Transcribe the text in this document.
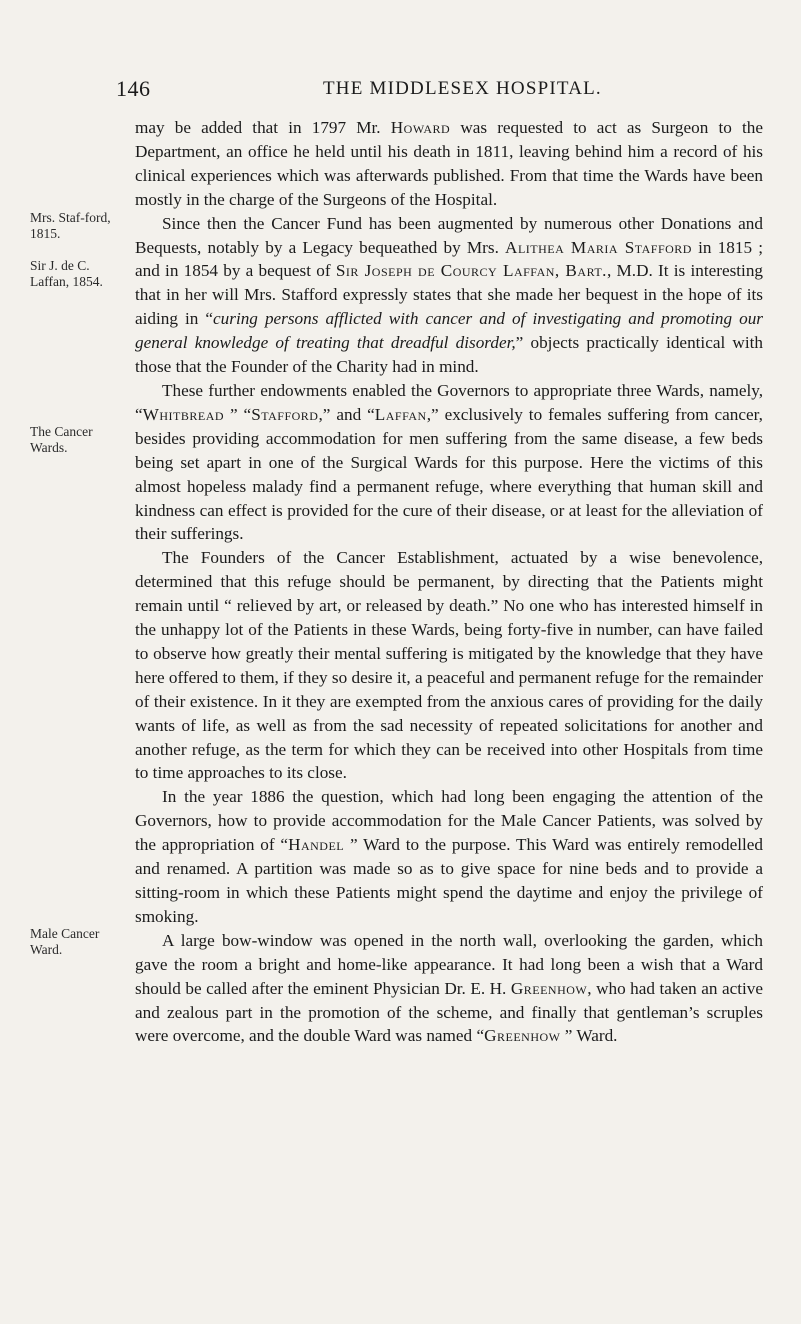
146	THE MIDDLESEX HOSPITAL.
Mrs. Staf-ford, 1815.
Sir J. de C. Laffan, 1854.
The Cancer Wards.
Male Cancer Ward.

may be added that in 1797 Mr. Howard was requested to act as Surgeon to the Department, an office he held until his death in 1811, leaving behind him a record of his clinical experiences which was afterwards published. From that time the Wards have been mostly in the charge of the Surgeons of the Hospital.

Since then the Cancer Fund has been augmented by numerous other Donations and Bequests, notably by a Legacy bequeathed by Mrs. Alithea Maria Stafford in 1815 ; and in 1854 by a bequest of Sir Joseph de Courcy Laffan, Bart., M.D. It is interesting that in her will Mrs. Stafford expressly states that she made her bequest in the hope of its aiding in “curing persons afflicted with cancer and of investigating and promoting our general knowledge of treating that dreadful disorder,” objects practically identical with those that the Founder of the Charity had in mind.

These further endowments enabled the Governors to appropriate three Wards, namely, “Whitbread ” “Stafford,” and “Laffan,” exclusively to females suffering from cancer, besides providing accommodation for men suffering from the same disease, a few beds being set apart in one of the Surgical Wards for this purpose. Here the victims of this almost hopeless malady find a permanent refuge, where everything that human skill and kindness can effect is provided for the cure of their disease, or at least for the alleviation of their sufferings.

The Founders of the Cancer Establishment, actuated by a wise benevolence, determined that this refuge should be permanent, by directing that the Patients might remain until “ relieved by art, or released by death.” No one who has interested himself in the unhappy lot of the Patients in these Wards, being forty-five in number, can have failed to observe how greatly their mental suffering is mitigated by the knowledge that they have here offered to them, if they so desire it, a peaceful and permanent refuge for the remainder of their existence. In it they are exempted from the anxious cares of providing for the daily wants of life, as well as from the sad necessity of repeated solicitations for another and another refuge, as the term for which they can be received into other Hospitals from time to time approaches to its close.

In the year 1886 the question, which had long been engaging the attention of the Governors, how to provide accommodation for the Male Cancer Patients, was solved by the appropriation of “Handel ” Ward to the purpose. This Ward was entirely remodelled and renamed. A partition was made so as to give space for nine beds and to provide a sitting-room in which these Patients might spend the daytime and enjoy the privilege of smoking.

A large bow-window was opened in the north wall, overlooking the garden, which gave the room a bright and home-like appearance. It had long been a wish that a Ward should be called after the eminent Physician Dr. E. H. Greenhow, who had taken an active and zealous part in the promotion of the scheme, and finally that gentleman’s scruples were overcome, and the double Ward was named “Greenhow ” Ward.
